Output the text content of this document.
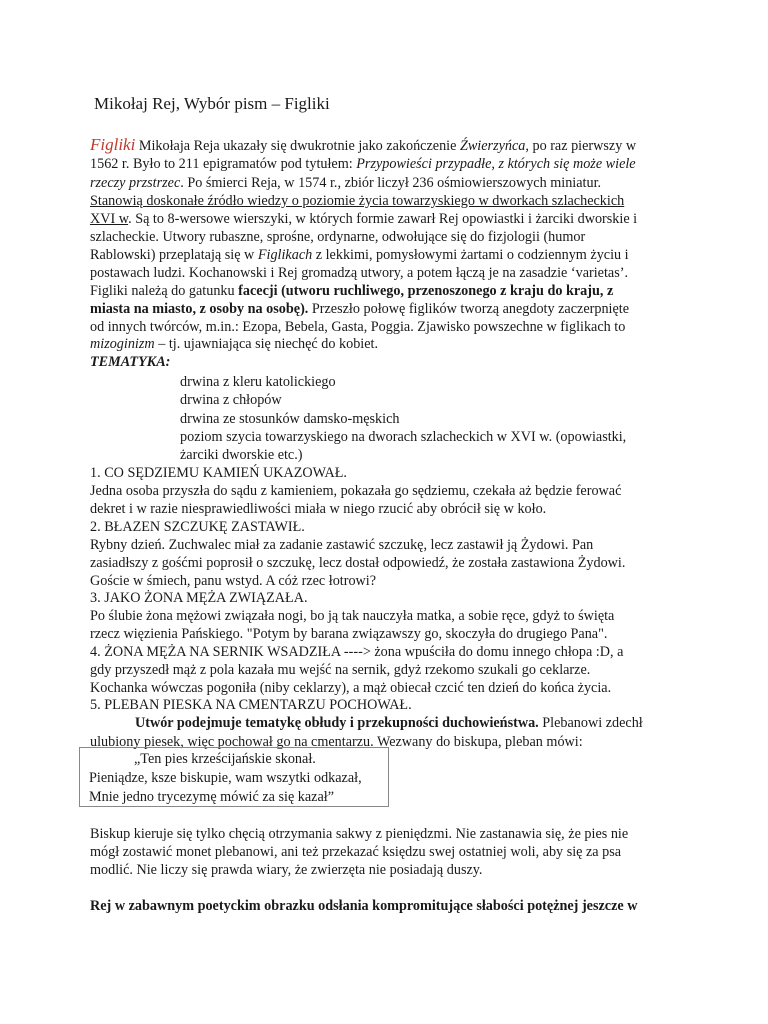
Mikołaj Rej, Wybór pism – Figliki
Figliki Mikołaja Reja ukazały się dwukrotnie jako zakończenie Źwierzyńca, po raz pierwszy w
1562 r. Było to 211 epigramatów pod tytułem: Przypowieści przypadłe, z których się może wiele
rzeczy przstrzec. Po śmierci Reja, w 1574 r., zbiór liczył 236 ośmiowierszowych miniatur.
Stanowią doskonałe źródło wiedzy o poziomie życia towarzyskiego w dworkach szlacheckich
XVI w. Są to 8-wersowe wierszyki, w których formie zawarł Rej opowiastki i żarciki dworskie i
szlacheckie. Utwory rubaszne, sprośne, ordynarne, odwołujące się do fizjologii (humor
Rablowski) przeplatają się w Figlikach z lekkimi, pomysłowymi żartami o codziennym życiu i
postawach ludzi. Kochanowski i Rej gromadzą utwory, a potem łączą je na zasadzie ‘varietas’.
Figliki należą do gatunku facecji (utworu ruchliwego, przenoszonego z kraju do kraju, z
miasta na miasto, z osoby na osobę). Przeszło połowę figlików tworzą anegdoty zaczerpnięte
od innych twórców, m.in.: Ezopa, Bebela, Gasta, Poggia. Zjawisko powszechne w figlikach to
mizoginizm – tj. ujawniająca się niechęć do kobiet.
TEMATYKA:
drwina z kleru katolickiego
drwina z chłopów
drwina ze stosunków damsko-męskich
poziom szycia towarzyskiego na dworach szlacheckich w XVI w. (opowiastki,
żarciki dworskie etc.)
1. CO SĘDZIEMU KAMIEŃ UKAZOWAŁ.
Jedna osoba przyszła do sądu z kamieniem, pokazała go sędziemu, czekała aż będzie ferować
dekret i w razie niesprawiedliwości miała w niego rzucić aby obrócił się w koło.
2. BŁAZEN SZCZUKĘ ZASTAWIŁ.
Rybny dzień. Zuchwalec miał za zadanie zastawić szczukę, lecz zastawił ją Żydowi. Pan
zasiadłszy z gośćmi poprosił o szczukę, lecz dostał odpowiedź, że została zastawiona Żydowi.
Goście w śmiech, panu wstyd. A cóż rzec łotrowi?
3. JAKO ŻONA MĘŻA ZWIĄZAŁA.
Po ślubie żona mężowi związała nogi, bo ją tak nauczyła matka, a sobie ręce, gdyż to święta
rzecz więzienia Pańskiego. "Potym by barana związawszy go, skoczyła do drugiego Pana".
4. ŻONA MĘŻA NA SERNIK WSADZIŁA ----> żona wpuściła do domu innego chłopa :D, a
gdy przyszedł mąż z pola kazała mu wejść na sernik, gdyż rzekomo szukali go ceklarze.
Kochanka wówczas pogoniła (niby ceklarzy), a mąż obiecał czcić ten dzień do końca życia.
5. PLEBAN PIESKA NA CMENTARZU POCHOWAŁ.
Utwór podejmuje tematykę obłudy i przekupności duchowieństwa. Plebanowi zdechł
ulubiony piesek, więc pochował go na cmentarzu. Wezwany do biskupa, pleban mówi:
„Ten pies krześcijańskie skonał.
Pieniądze, ksze biskupie, wam wszytki odkazał,
Mnie jedno trycezymę mówić za się kazał”
Biskup kieruje się tylko chęcią otrzymania sakwy z pieniędzmi. Nie zastanawia się, że pies nie
mógł zostawić monet plebanowi, ani też przekazać księdzu swej ostatniej woli, aby się za psa
modlić. Nie liczy się prawda wiary, że zwierzęta nie posiadają duszy.
Rej w zabawnym poetyckim obrazku odsłania kompromitujące słabości potężnej jeszcze w
